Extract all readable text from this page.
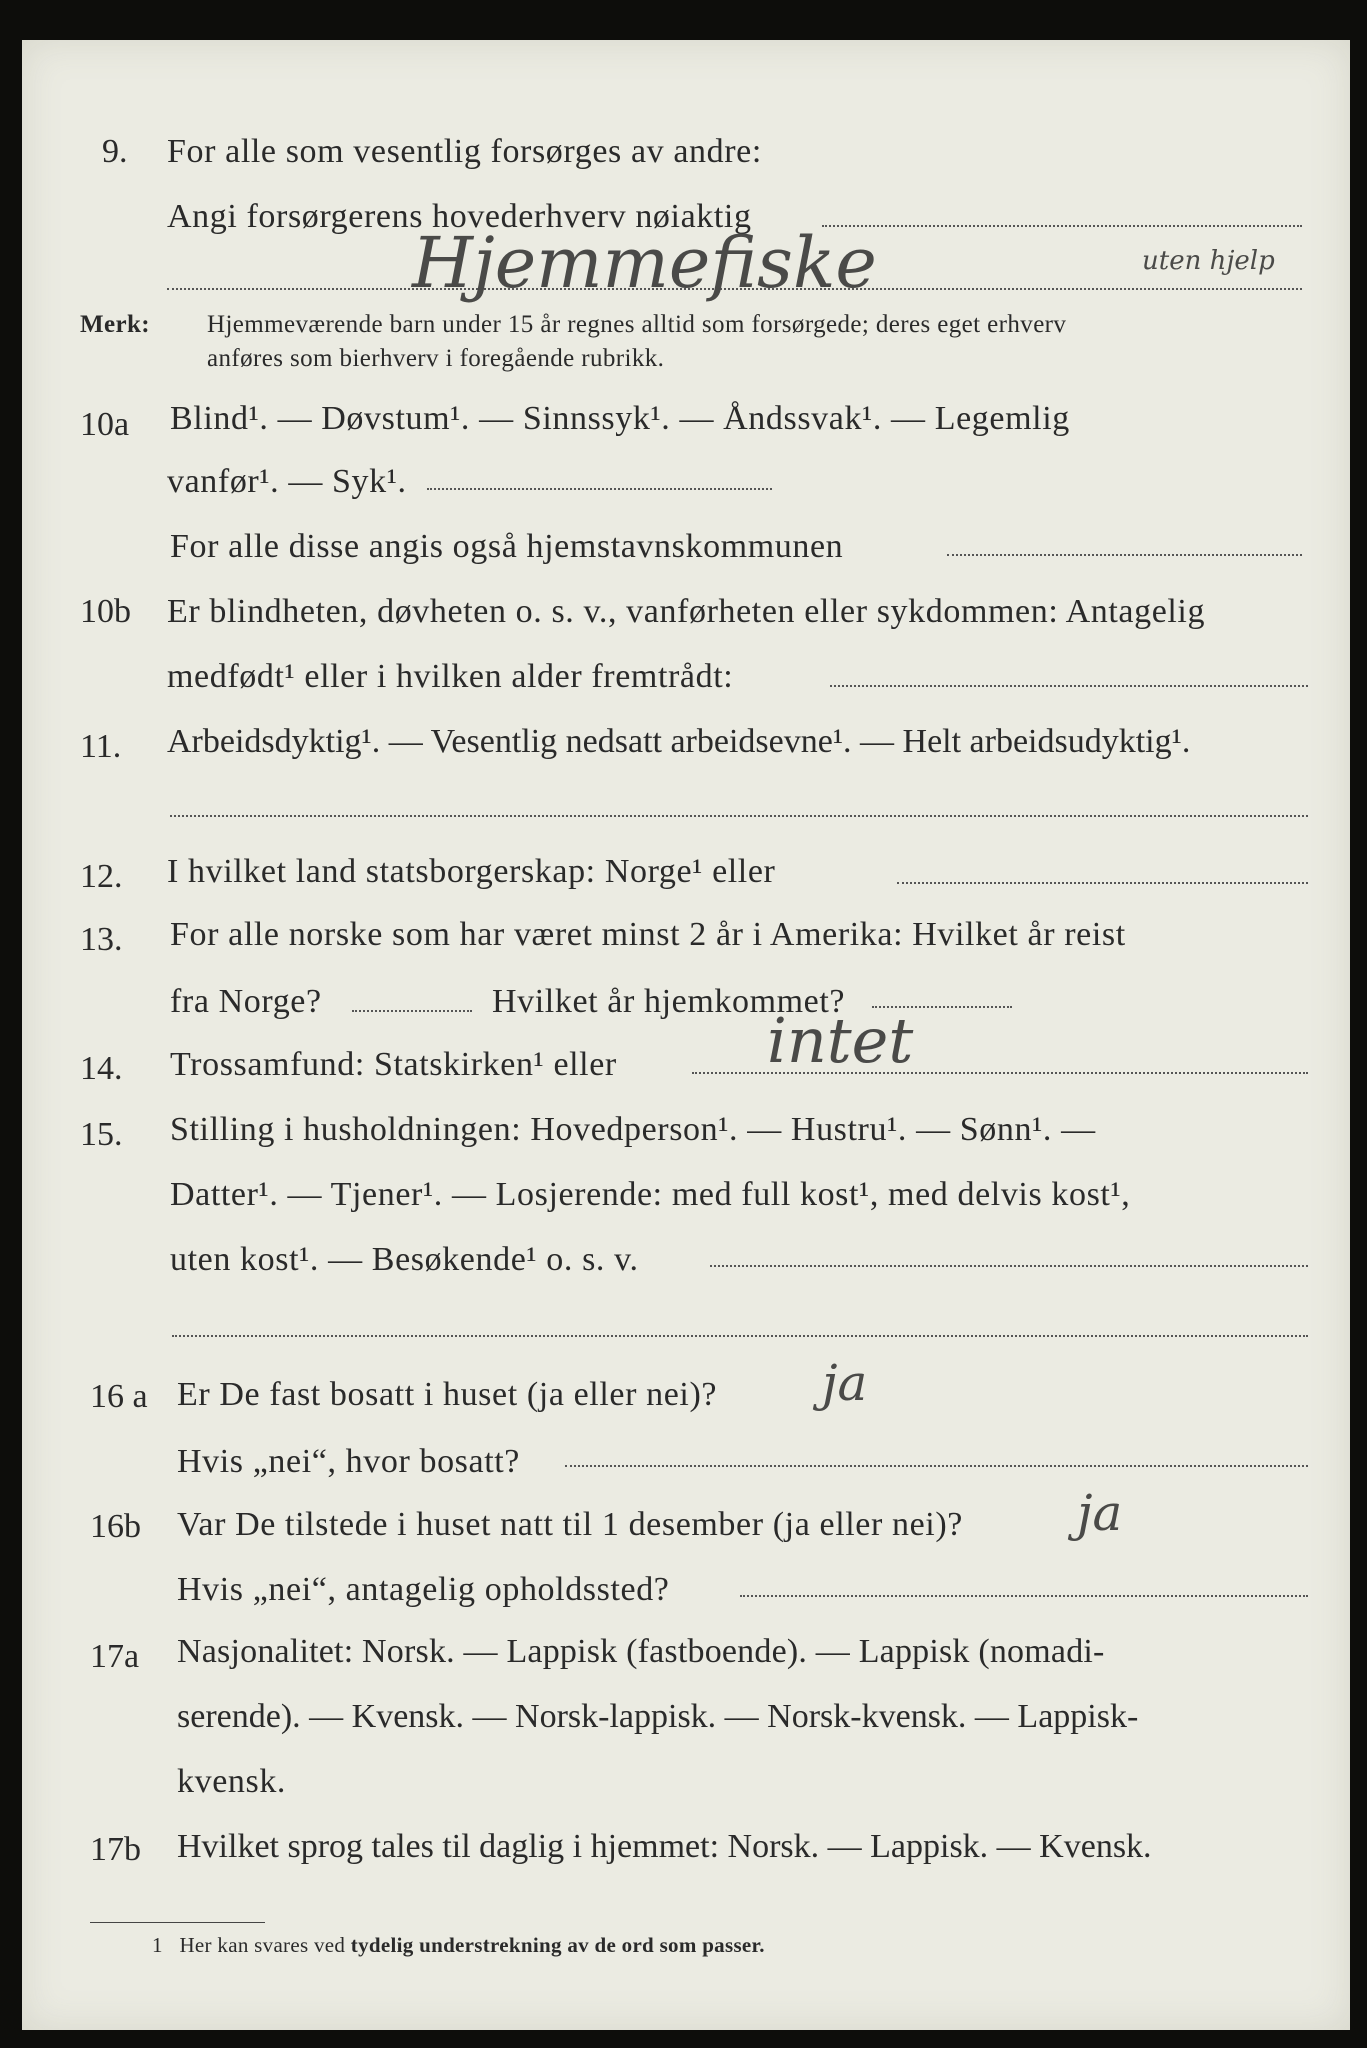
9. For alle som vesentlig forsørges av andre:
Angi forsørgerens hovederhverv nøiaktig
Hjemmefiske	uten hjelp
Merk: Hjemmeværende barn under 15 år regnes alltid som forsørgede; deres eget erhverv
anføres som bierhverv i foregående rubrikk.
10a Blind¹. — Døvstum¹. — Sinnssyk¹. — Åndssvak¹. — Legemlig
vanfør¹. — Syk¹.
For alle disse angis også hjemstavnskommunen
10b Er blindheten, døvheten o. s. v., vanførheten eller sykdommen: Antagelig
medfødt¹ eller i hvilken alder fremtrådt:
11. Arbeidsdyktig¹. — Vesentlig nedsatt arbeidsevne¹. — Helt arbeidsudyktig¹.
12. I hvilket land statsborgerskap: Norge¹ eller
13. For alle norske som har været minst 2 år i Amerika: Hvilket år reist
fra Norge?	Hvilket år hjemkommet?
14. Trossamfund: Statskirken¹ eller intet
15. Stilling i husholdningen: Hovedperson¹. — Hustru¹. — Sønn¹. —
Datter¹. — Tjener¹. — Losjerende: med full kost¹, med delvis kost¹,
uten kost¹. — Besøkende¹ o. s. v.
16 a Er De fast bosatt i huset (ja eller nei)? ja
Hvis „nei“, hvor bosatt?
16b Var De tilstede i huset natt til 1 desember (ja eller nei)? ja
Hvis „nei“, antagelig opholdssted?
17a Nasjonalitet: Norsk. — Lappisk (fastboende). — Lappisk (nomadi-
serende). — Kvensk. — Norsk-lappisk. — Norsk-kvensk. — Lappisk-
kvensk.
17b Hvilket sprog tales til daglig i hjemmet: Norsk. — Lappisk. — Kvensk.
1 Her kan svares ved tydelig understrekning av de ord som passer.
